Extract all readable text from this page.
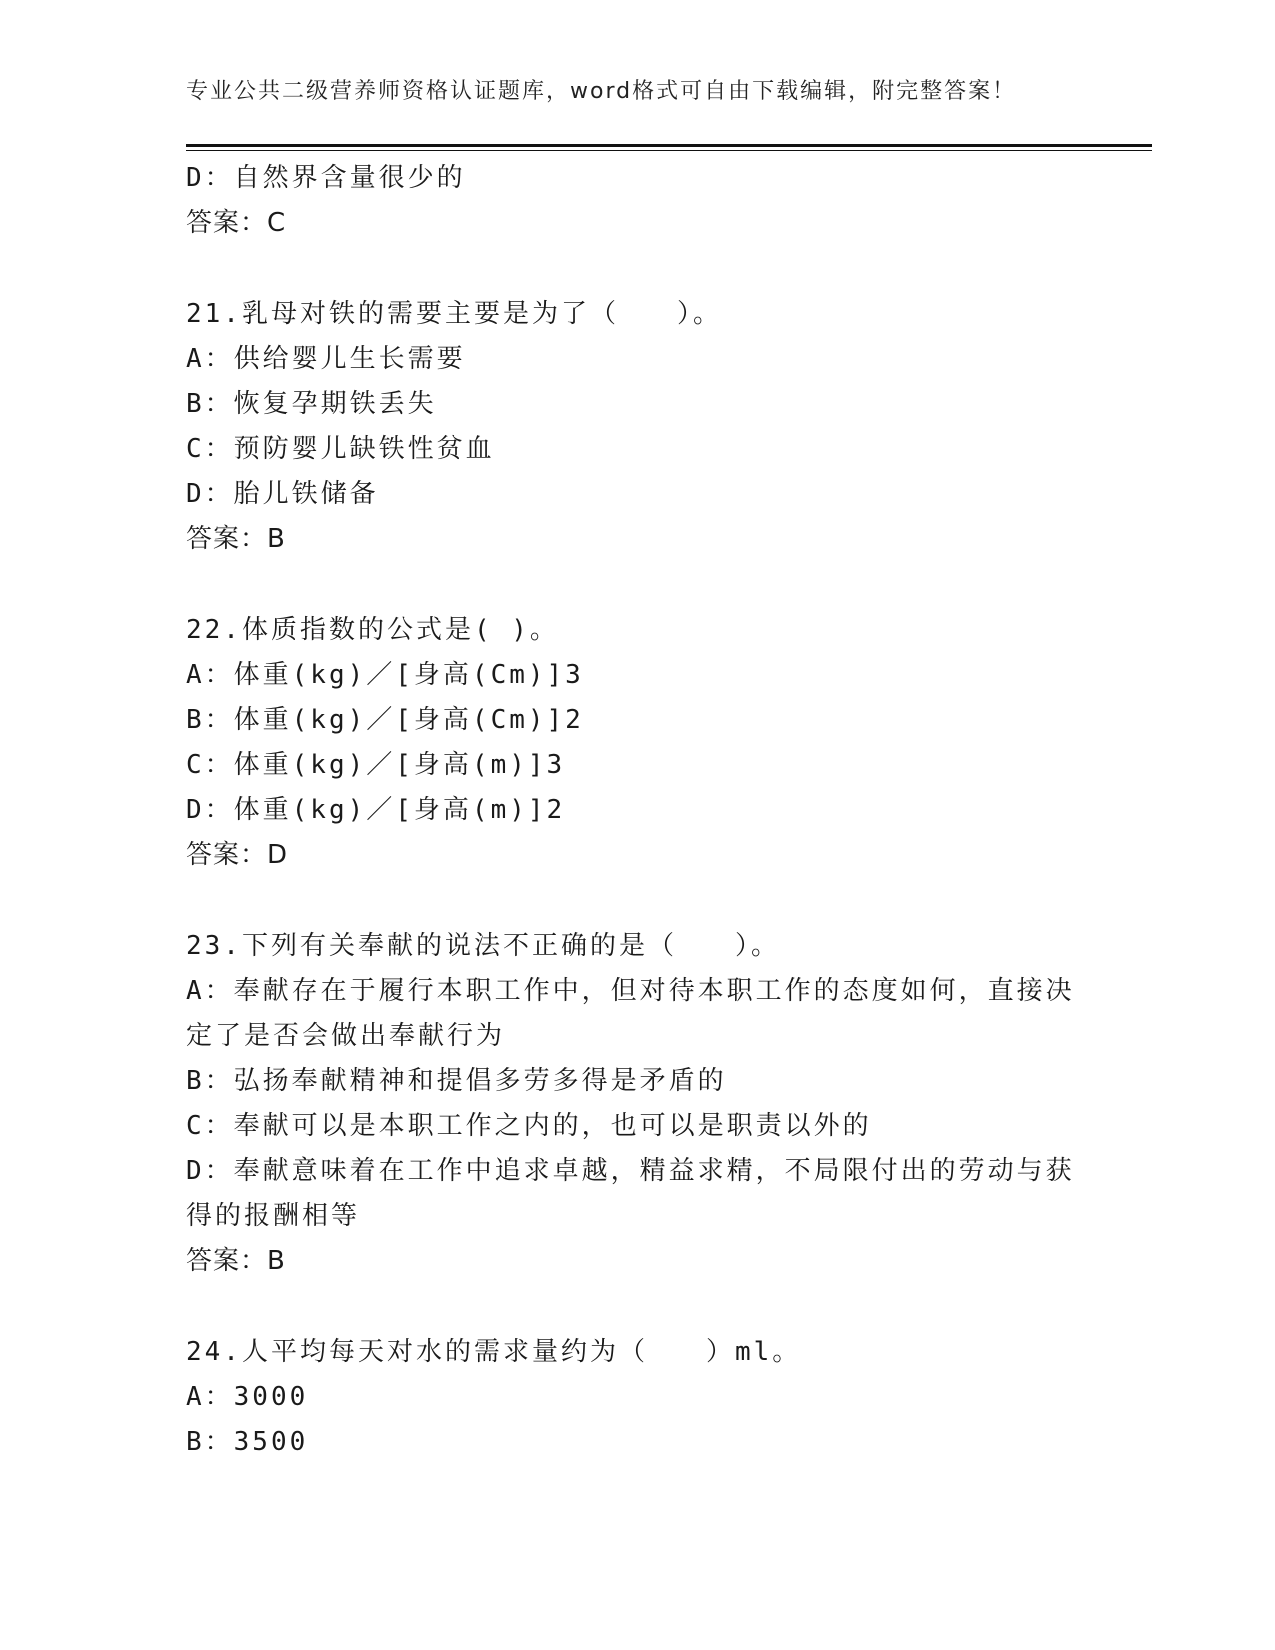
专业公共二级营养师资格认证题库，word格式可自由下载编辑，附完整答案！
D：自然界含量很少的
答案：C
21.乳母对铁的需要主要是为了（　　）。
A：供给婴儿生长需要
B：恢复孕期铁丢失
C：预防婴儿缺铁性贫血
D：胎儿铁储备
答案：B
22.体质指数的公式是( )。
A：体重(kg)／[身高(Cm)]3
B：体重(kg)／[身高(Cm)]2
C：体重(kg)／[身高(m)]3
D：体重(kg)／[身高(m)]2
答案：D
23.下列有关奉献的说法不正确的是（　　）。
A：奉献存在于履行本职工作中，但对待本职工作的态度如何，直接决定了是否会做出奉献行为
B：弘扬奉献精神和提倡多劳多得是矛盾的
C：奉献可以是本职工作之内的，也可以是职责以外的
D：奉献意味着在工作中追求卓越，精益求精，不局限付出的劳动与获得的报酬相等
答案：B
24.人平均每天对水的需求量约为（　　）ml。
A：3000
B：3500
